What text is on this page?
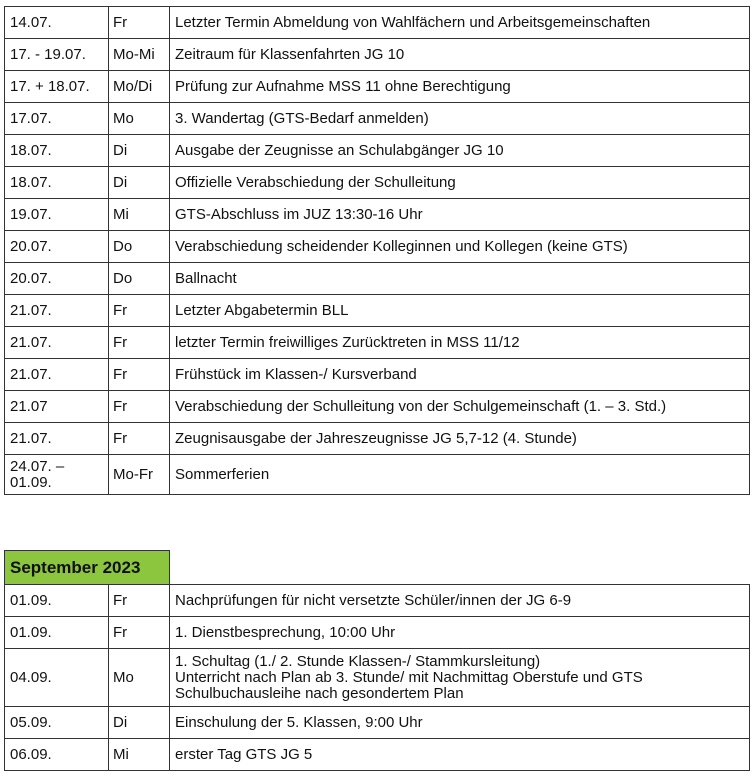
14.07.	Fr	Letzter Termin Abmeldung von Wahlfächern und Arbeitsgemeinschaften
17. - 19.07.	Mo-Mi	Zeitraum für Klassenfahrten JG 10
17. + 18.07.	Mo/Di	Prüfung zur Aufnahme MSS 11 ohne Berechtigung
17.07.	Mo	3. Wandertag (GTS-Bedarf anmelden)
18.07.	Di	Ausgabe der Zeugnisse an Schulabgänger JG 10
18.07.	Di	Offizielle Verabschiedung der Schulleitung
19.07.	Mi	GTS-Abschluss im JUZ 13:30-16 Uhr
20.07.	Do	Verabschiedung scheidender Kolleginnen und Kollegen (keine GTS)
20.07.	Do	Ballnacht
21.07.	Fr	Letzter Abgabetermin BLL
21.07.	Fr	letzter Termin freiwilliges Zurücktreten in MSS 11/12
21.07.	Fr	Frühstück im Klassen-/ Kursverband
21.07	Fr	Verabschiedung der Schulleitung von der Schulgemeinschaft (1. – 3. Std.)
21.07.	Fr	Zeugnisausgabe der Jahreszeugnisse JG 5,7-12 (4. Stunde)

24.07. –
01.09.	Mo-Fr	Sommerferien
September 2023		
01.09.	Fr	Nachprüfungen für nicht versetzte Schüler/innen der JG 6-9

01.09.	Fr	1. Dienstbesprechung, 10:00 Uhr

04.09.	Mo	1. Schultag (1./ 2. Stunde Klassen-/ Stammkursleitung)
Unterricht nach Plan ab 3. Stunde/ mit Nachmittag Oberstufe und GTS
Schulbuchausleihe nach gesondertem Plan

05.09.	Di	Einschulung der 5. Klassen, 9:00 Uhr

06.09.	Mi	erster Tag GTS JG 5
